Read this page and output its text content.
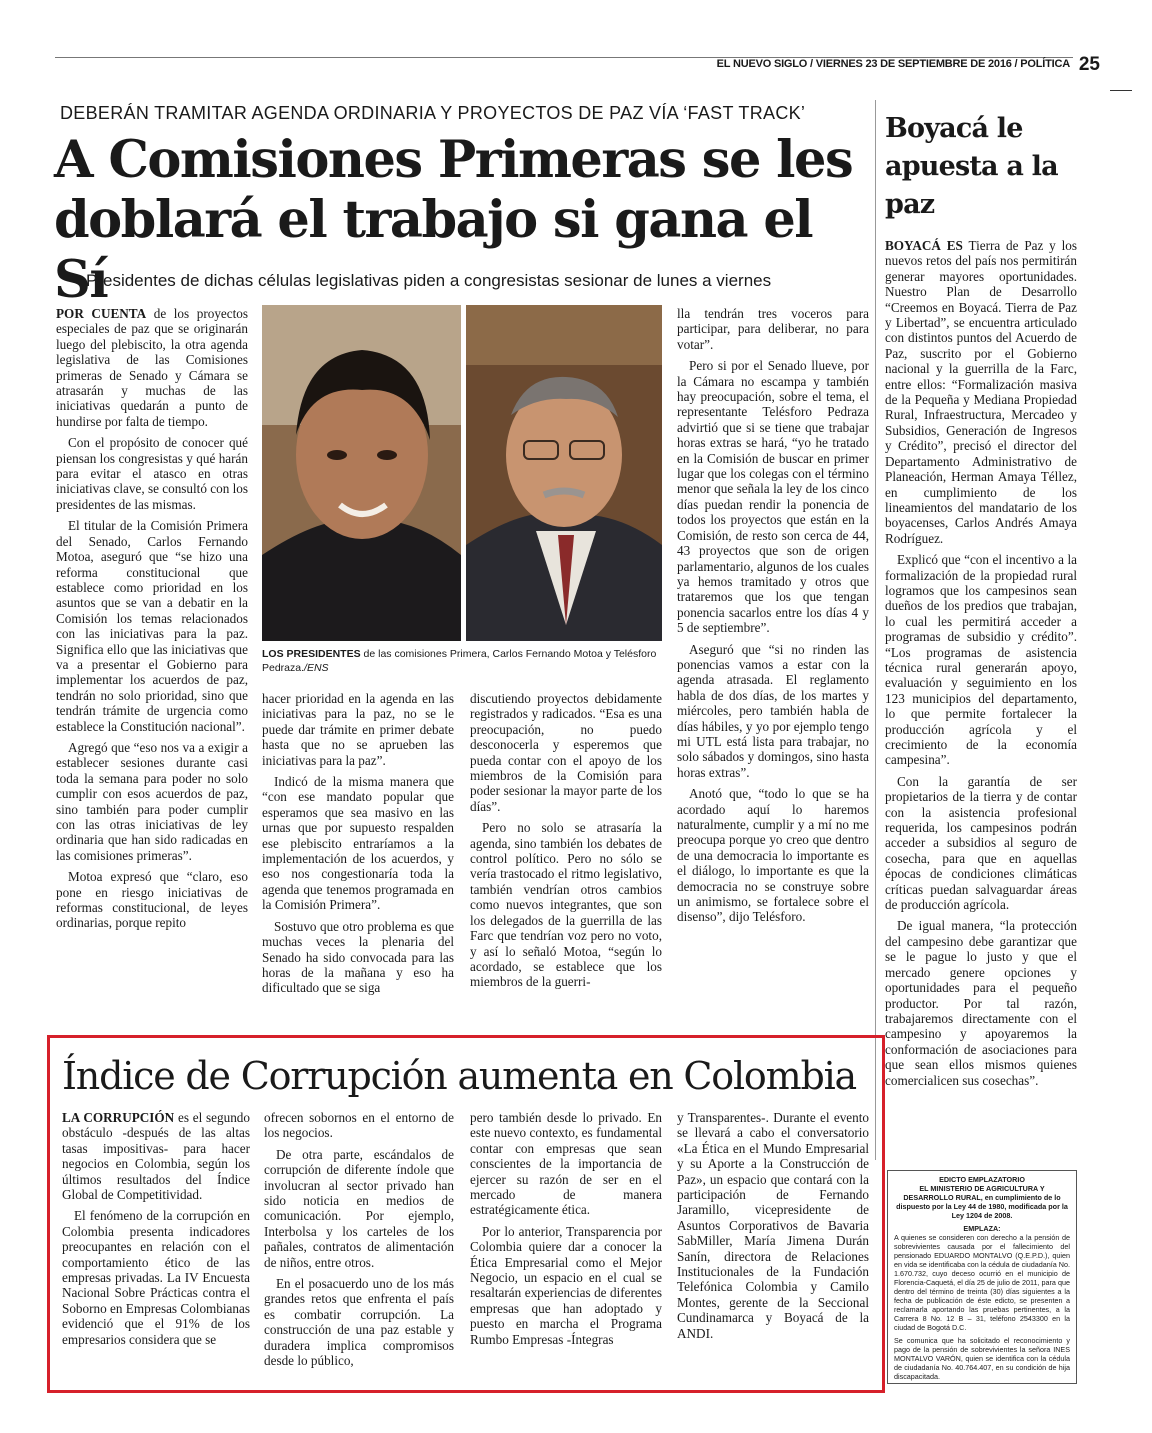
EL NUEVO SIGLO / VIERNES 23 DE SEPTIEMBRE DE 2016 / POLÍTICA 25
DEBERÁN TRAMITAR AGENDA ORDINARIA Y PROYECTOS DE PAZ VÍA ‘FAST TRACK’
A Comisiones Primeras se les doblará el trabajo si gana el Sí
Presidentes de dichas células legislativas piden a congresistas sesionar de lunes a viernes
LOS PRESIDENTES de las comisiones Primera, Carlos Fernando Motoa y Telésforo Pedraza./ENS

POR CUENTA de los proyectos especiales de paz que se originarán luego del plebiscito, la otra agenda legislativa de las Comisiones primeras de Senado y Cámara se atrasarán y muchas de las iniciativas quedarán a punto de hundirse por falta de tiempo.

Con el propósito de conocer qué piensan los congresistas y qué harán para evitar el atasco en otras iniciativas clave, se consultó con los presidentes de las mismas.

El titular de la Comisión Primera del Senado, Carlos Fernando Motoa, aseguró que “se hizo una reforma constitucional que establece como prioridad en los asuntos que se van a debatir en la Comisión los temas relacionados con las iniciativas para la paz. Significa ello que las iniciativas que va a presentar el Gobierno para implementar los acuerdos de paz, tendrán no solo prioridad, sino que tendrán trámite de urgencia como establece la Constitución nacional”.

Agregó que “eso nos va a exigir a establecer sesiones durante casi toda la semana para poder no solo cumplir con esos acuerdos de paz, sino también para poder cumplir con las otras iniciativas de ley ordinaria que han sido radicadas en las comisiones primeras”.

Motoa expresó que “claro, eso pone en riesgo iniciativas de reformas constitucional, de leyes ordinarias, porque repito

hacer prioridad en la agenda en las iniciativas para la paz, no se le puede dar trámite en primer debate hasta que no se aprueben las iniciativas para la paz”.

Indicó de la misma manera que “con ese mandato popular que esperamos que sea masivo en las urnas que por supuesto respalden ese plebiscito entraríamos a la implementación de los acuerdos, y eso nos congestionaría toda la agenda que tenemos programada en la Comisión Primera”.

Sostuvo que otro problema es que muchas veces la plenaria del Senado ha sido convocada para las horas de la mañana y eso ha dificultado que se siga

discutiendo proyectos debidamente registrados y radicados. “Esa es una preocupación, no puedo desconocerla y esperemos que pueda contar con el apoyo de los miembros de la Comisión para poder sesionar la mayor parte de los días”.

Pero no solo se atrasaría la agenda, sino también los debates de control político. Pero no sólo se vería trastocado el ritmo legislativo, también vendrían otros cambios como nuevos integrantes, que son los delegados de la guerrilla de las Farc que tendrían voz pero no voto, y así lo señaló Motoa, “según lo acordado, se establece que los miembros de la guerri-

lla tendrán tres voceros para participar, para deliberar, no para votar”.

Pero si por el Senado llueve, por la Cámara no escampa y también hay preocupación, sobre el tema, el representante Telésforo Pedraza advirtió que si se tiene que trabajar horas extras se hará, “yo he tratado en la Comisión de buscar en primer lugar que los colegas con el término menor que señala la ley de los cinco días puedan rendir la ponencia de todos los proyectos que están en la Comisión, de resto son cerca de 44, 43 proyectos que son de origen parlamentario, algunos de los cuales ya hemos tramitado y otros que trataremos que los que tengan ponencia sacarlos entre los días 4 y 5 de septiembre”.

Aseguró que “si no rinden las ponencias vamos a estar con la agenda atrasada. El reglamento habla de dos días, de los martes y miércoles, pero también habla de días hábiles, y yo por ejemplo tengo mi UTL está lista para trabajar, no solo sábados y domingos, sino hasta horas extras”.

Anotó que, “todo lo que se ha acordado aquí lo haremos naturalmente, cumplir y a mí no me preocupa porque yo creo que dentro de una democracia lo importante es el diálogo, lo importante es que la democracia no se construye sobre un animismo, se fortalece sobre el disenso”, dijo Telésforo.

Boyacá le apuesta a la paz

BOYACÁ ES Tierra de Paz y los nuevos retos del país nos permitirán generar mayores oportunidades. Nuestro Plan de Desarrollo “Creemos en Boyacá. Tierra de Paz y Libertad”, se encuentra articulado con distintos puntos del Acuerdo de Paz, suscrito por el Gobierno nacional y la guerrilla de la Farc, entre ellos: “Formalización masiva de la Pequeña y Mediana Propiedad Rural, Infraestructura, Mercadeo y Subsidios, Generación de Ingresos y Crédito”, precisó el director del Departamento Administrativo de Planeación, Herman Amaya Téllez, en cumplimiento de los lineamientos del mandatario de los boyacenses, Carlos Andrés Amaya Rodríguez.

Explicó que “con el incentivo a la formalización de la propiedad rural logramos que los campesinos sean dueños de los predios que trabajan, lo cual les permitirá acceder a programas de subsidio y crédito”. “Los programas de asistencia técnica rural generarán apoyo, evaluación y seguimiento en los 123 municipios del departamento, lo que permite fortalecer la producción agrícola y el crecimiento de la economía campesina”.

Con la garantía de ser propietarios de la tierra y de contar con la asistencia profesional requerida, los campesinos podrán acceder a subsidios al seguro de cosecha, para que en aquellas épocas de condiciones climáticas críticas puedan salvaguardar áreas de producción agrícola.

De igual manera, “la protección del campesino debe garantizar que se le pague lo justo y que el mercado genere opciones y oportunidades para el pequeño productor. Por tal razón, trabajaremos directamente con el campesino y apoyaremos la conformación de asociaciones para que sean ellos mismos quienes comercialicen sus cosechas”.

EDICTO EMPLAZATORIO
EL MINISTERIO DE AGRICULTURA Y DESARROLLO RURAL, en cumplimiento de lo dispuesto por la Ley 44 de 1980, modificada por la Ley 1204 de 2008.
EMPLAZA:

A quienes se consideren con derecho a la pensión de sobrevivientes causada por el fallecimiento del pensionado EDUARDO MONTALVO (Q.E.P.D.), quien en vida se identificaba con la cédula de ciudadanía No. 1.670.732, cuyo deceso ocurrió en el municipio de Florencia-Caquetá, el día 25 de julio de 2011, para que dentro del término de treinta (30) días siguientes a la fecha de publicación de éste edicto, se presenten a reclamarla aportando las pruebas pertinentes, a la Carrera 8 No. 12 B – 31, teléfono 2543300 en la ciudad de Bogotá D.C.

Se comunica que ha solicitado el reconocimiento y pago de la pensión de sobrevivientes la señora INES MONTALVO VARÓN, quien se identifica con la cédula de ciudadanía No. 40.764.407, en su condición de hija discapacitada.

Índice de Corrupción aumenta en Colombia

LA CORRUPCIÓN es el segundo obstáculo -después de las altas tasas impositivas- para hacer negocios en Colombia, según los últimos resultados del Índice Global de Competitividad.

El fenómeno de la corrupción en Colombia presenta indicadores preocupantes en relación con el comportamiento ético de las empresas privadas. La IV Encuesta Nacional Sobre Prácticas contra el Soborno en Empresas Colombianas evidenció que el 91% de los empresarios considera que se

ofrecen sobornos en el entorno de los negocios.

De otra parte, escándalos de corrupción de diferente índole que involucran al sector privado han sido noticia en medios de comunicación. Por ejemplo, Interbolsa y los carteles de los pañales, contratos de alimentación de niños, entre otros.

En el posacuerdo uno de los más grandes retos que enfrenta el país es combatir corrupción. La construcción de una paz estable y duradera implica compromisos desde lo público,

pero también desde lo privado. En este nuevo contexto, es fundamental contar con empresas que sean conscientes de la importancia de ejercer su razón de ser en el mercado de manera estratégicamente ética.

Por lo anterior, Transparencia por Colombia quiere dar a conocer la Ética Empresarial como el Mejor Negocio, un espacio en el cual se resaltarán experiencias de diferentes empresas que han adoptado y puesto en marcha el Programa Rumbo Empresas -Íntegras

y Transparentes-. Durante el evento se llevará a cabo el conversatorio «La Ética en el Mundo Empresarial y su Aporte a la Construcción de Paz», un espacio que contará con la participación de Fernando Jaramillo, vicepresidente de Asuntos Corporativos de Bavaria SabMiller, María Jimena Durán Sanín, directora de Relaciones Institucionales de la Fundación Telefónica Colombia y Camilo Montes, gerente de la Seccional Cundinamarca y Boyacá de la ANDI.
